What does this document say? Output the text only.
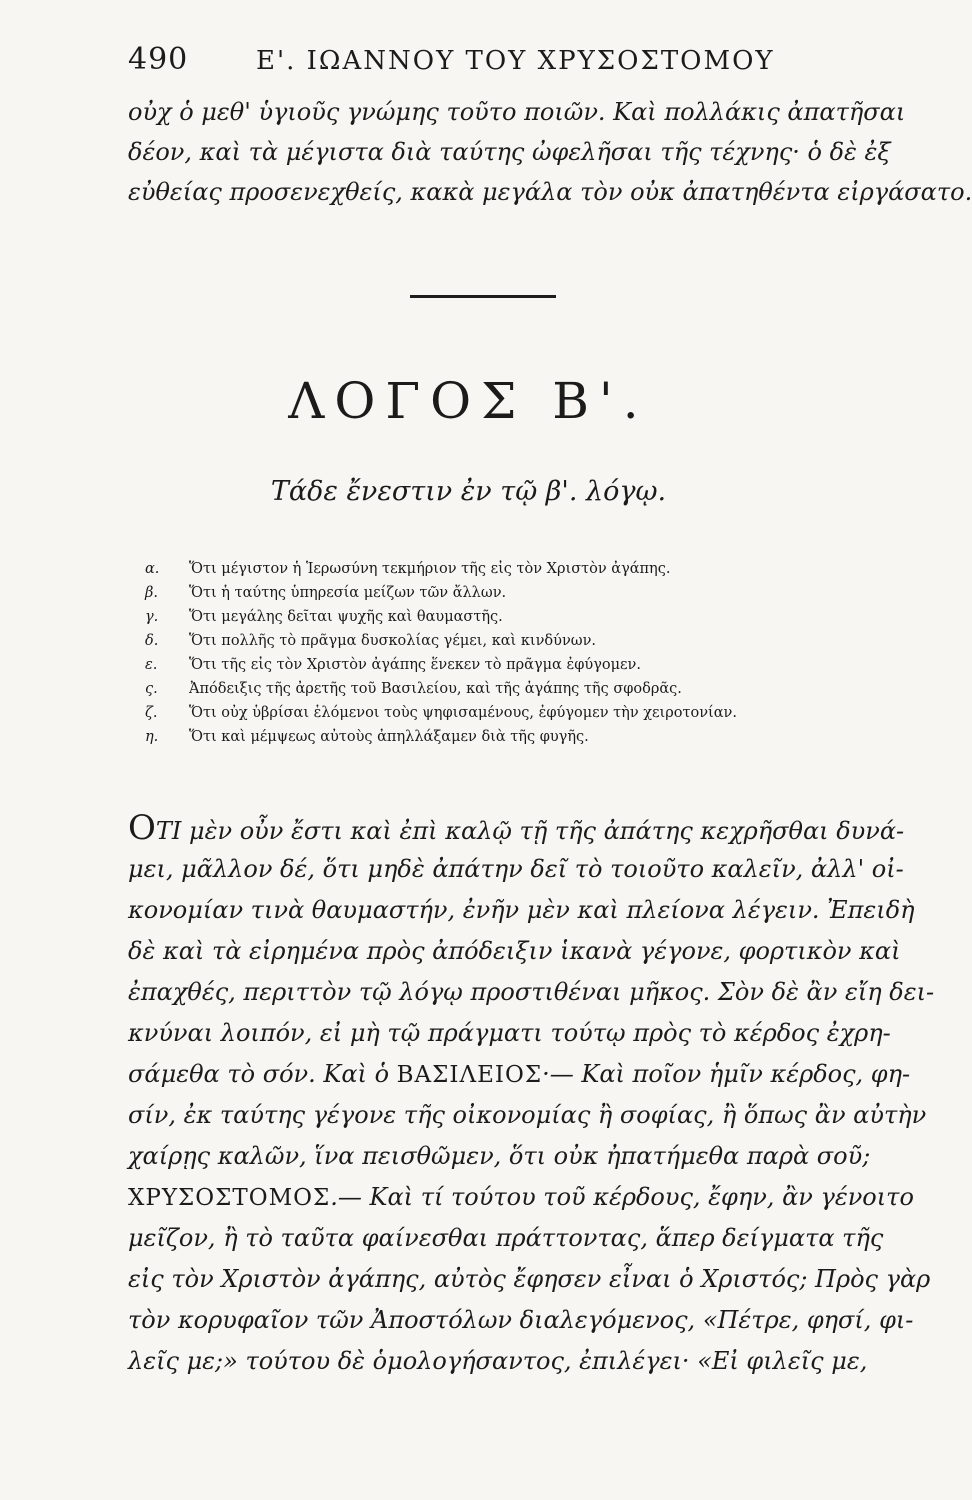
490	Ε'. ΙΩΑΝΝΟΥ ΤΟΥ ΧΡΥΣΟΣΤΟΜΟΥ
οὐχ ὁ μεθ' ὑγιοῦς γνώμης τοῦτο ποιῶν. Καὶ πολλάκις ἀπατῆσαι
δέον, καὶ τὰ μέγιστα διὰ ταύτης ὠφελῆσαι τῆς τέχνης· ὁ δὲ ἐξ
εὐθείας προσενεχθείς, κακὰ μεγάλα τὸν οὐκ ἀπατηθέντα εἰργάσατο.
ΛΟΓΟΣ Β'.
Τάδε ἔνεστιν ἐν τῷ β'. λόγῳ.
α.	Ὅτι μέγιστον ἡ Ἱερωσύνη τεκμήριον τῆς εἰς τὸν Χριστὸν ἀγάπης.
β.	Ὅτι ἡ ταύτης ὑπηρεσία μείζων τῶν ἄλλων.
γ.	Ὅτι μεγάλης δεῖται ψυχῆς καὶ θαυμαστῆς.
δ.	Ὅτι πολλῆς τὸ πρᾶγμα δυσκολίας γέμει, καὶ κινδύνων.
ε.	Ὅτι τῆς εἰς τὸν Χριστὸν ἀγάπης ἕνεκεν τὸ πρᾶγμα ἐφύγομεν.
ς.	Ἀπόδειξις τῆς ἀρετῆς τοῦ Βασιλείου, καὶ τῆς ἀγάπης τῆς σφοδρᾶς.
ζ.	Ὅτι οὐχ ὑβρίσαι ἑλόμενοι τοὺς ψηφισαμένους, ἐφύγομεν τὴν χειροτονίαν.
η.	Ὅτι καὶ μέμψεως αὐτοὺς ἀπηλλάξαμεν διὰ τῆς φυγῆς.
ΟΤΙ μὲν οὖν ἔστι καὶ ἐπὶ καλῷ τῇ τῆς ἀπάτης κεχρῆσθαι δυνά-
μει, μᾶλλον δέ, ὅτι μηδὲ ἀπάτην δεῖ τὸ τοιοῦτο καλεῖν, ἀλλ' οἰ-
κονομίαν τινὰ θαυμαστήν, ἐνῆν μὲν καὶ πλείονα λέγειν. Ἐπειδὴ
δὲ καὶ τὰ εἰρημένα πρὸς ἀπόδειξιν ἱκανὰ γέγονε, φορτικὸν καὶ
ἐπαχθές, περιττὸν τῷ λόγῳ προστιθέναι μῆκος. Σὸν δὲ ἂν εἴη δει-
κνύναι λοιπόν, εἰ μὴ τῷ πράγματι τούτῳ πρὸς τὸ κέρδος ἐχρη-
σάμεθα τὸ σόν. Καὶ ὁ ΒΑΣΙΛΕΙΟΣ·— Καὶ ποῖον ἡμῖν κέρδος, φη-
σίν, ἐκ ταύτης γέγονε τῆς οἰκονομίας ἢ σοφίας, ἢ ὅπως ἂν αὐτὴν
χαίρῃς καλῶν, ἵνα πεισθῶμεν, ὅτι οὐκ ἠπατήμεθα παρὰ σοῦ;
ΧΡΥΣΟΣΤΟΜΟΣ.— Καὶ τί τούτου τοῦ κέρδους, ἔφην, ἂν γένοιτο
μεῖζον, ἢ τὸ ταῦτα φαίνεσθαι πράττοντας, ἅπερ δείγματα τῆς
εἰς τὸν Χριστὸν ἀγάπης, αὐτὸς ἔφησεν εἶναι ὁ Χριστός; Πρὸς γὰρ
τὸν κορυφαῖον τῶν Ἀποστόλων διαλεγόμενος, «Πέτρε, φησί, φι-
λεῖς με;» τούτου δὲ ὁμολογήσαντος, ἐπιλέγει· «Εἰ φιλεῖς με,
